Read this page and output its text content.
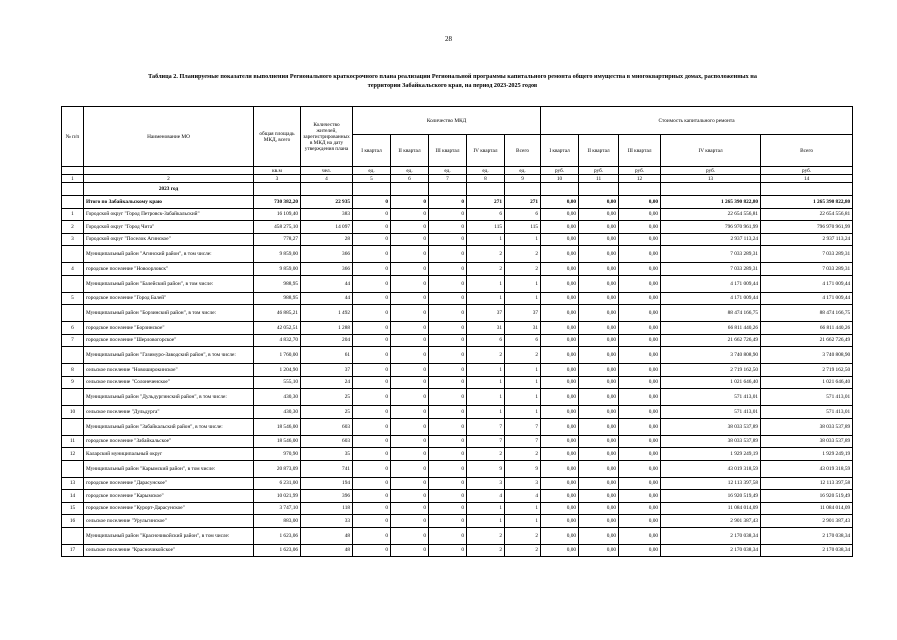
28
Таблица 2. Планируемые показатели выполнения Регионального краткосрочного плана реализации Региональной программы капитального ремонта общего имущества в многоквартирных домах, расположенных на
территории Забайкальского края, на период 2023-2025 годов
№ п/п	Наименование МО	общая площадь МКД, всего	Количество жителей, зарегистрированных в МКД на дату утверждения плана	Количество МКД					Стоимость капитального ремонта				
				I квартал	II квартал	III квартал	IV квартал	Всего	I квартал	II квартал	III квартал	IV квартал	Всего
		кв.м	чел.	ед.	ед.	ед.	ед.	ед.	руб.	руб.	руб.	руб.	руб.
1	2	3	4	5	6	7	8	9	10	11	12	13	14
	2023 год												
	Итого по Забайкальскому краю	730 382,20	22 935	0	0	0	271	271	0,00	0,00	0,00	1 265 390 822,80	1 265 390 822,80
1	Городской округ "Город Петровск-Забайкальский"	16 109,40	383	0	0	0	6	6	0,00	0,00	0,00	22 654 556,81	22 654 556,81
2	Городской округ "Город Чита"	458 275,10	14 097	0	0	0	115	115	0,00	0,00	0,00	796 970 961,99	796 970 961,99
3	Городской округ "Поселок Агинское"	778,27	28	0	0	0	1	1	0,00	0,00	0,00	2 937 113,24	2 937 113,24
	Муниципальный район "Агинский район", в том числе:	9 859,00	366	0	0	0	2	2	0,00	0,00	0,00	7 033 289,31	7 033 289,31
4	городское поселение "Новоорловск"	9 859,00	366	0	0	0	2	2	0,00	0,00	0,00	7 033 289,31	7 033 289,31
	Муниципальный район "Балейский район", в том числе:	988,95	44	0	0	0	1	1	0,00	0,00	0,00	4 171 009,44	4 171 009,44
5	городское поселение "Город Балей"	988,95	44	0	0	0	1	1	0,00	0,00	0,00	4 171 009,44	4 171 009,44
	Муниципальный район "Борзинский район", в том числе:	46 885,21	1 492	0	0	0	37	37	0,00	0,00	0,00	88 474 166,75	88 474 166,75
6	городское поселение "Борзинское"	42 052,51	1 288	0	0	0	31	31	0,00	0,00	0,00	66 811 440,26	66 811 440,26
7	городское поселение "Шерловогорское"	4 832,70	204	0	0	0	6	6	0,00	0,00	0,00	21 662 726,49	21 662 726,49
	Муниципальный район "Газимуро-Заводский район", в том числе:	1 760,00	61	0	0	0	2	2	0,00	0,00	0,00	3 740 808,90	3 740 808,90
8	сельское поселение "Новоширокинское"	1 204,90	37	0	0	0	1	1	0,00	0,00	0,00	2 719 162,50	2 719 162,50
9	сельское поселение "Солонеченское"	555,10	24	0	0	0	1	1	0,00	0,00	0,00	1 021 646,40	1 021 646,40
	Муниципальный район "Дульдургинский район", в том числе:	430,30	25	0	0	0	1	1	0,00	0,00	0,00	571 413,01	571 413,01
10	сельское поселение "Дульдурга"	430,30	25	0	0	0	1	1	0,00	0,00	0,00	571 413,01	571 413,01
	Муниципальный район "Забайкальский район", в том числе:	18 546,00	603	0	0	0	7	7	0,00	0,00	0,00	38 033 537,89	38 033 537,89
11	городское поселение "Забайкальское"	18 546,00	603	0	0	0	7	7	0,00	0,00	0,00	38 033 537,89	38 033 537,89
12	Каларский муниципальный округ	970,90	35	0	0	0	2	2	0,00	0,00	0,00	1 929 249,19	1 929 249,19
	Муниципальный район "Карымский район", в том числе:	20 873,09	741	0	0	0	9	9	0,00	0,00	0,00	43 019 318,59	43 019 318,59
13	городское поселение "Дарасунское"	6 231,00	194	0	0	0	3	3	0,00	0,00	0,00	12 113 397,58	12 113 397,58
14	городское поселение "Карымское"	10 021,99	396	0	0	0	4	4	0,00	0,00	0,00	16 920 519,49	16 920 519,49
15	городское поселение "Курорт-Дарасунское"	3 747,10	118	0	0	0	1	1	0,00	0,00	0,00	11 084 014,09	11 084 014,09
16	сельское поселение "Урульгинское"	883,00	33	0	0	0	1	1	0,00	0,00	0,00	2 901 387,43	2 901 387,43
	Муниципальный район "Красночикойский район", в том числе:	1 623,06	48	0	0	0	2	2	0,00	0,00	0,00	2 170 038,34	2 170 038,34
17	сельское поселение "Красночикойское"	1 623,06	48	0	0	0	2	2	0,00	0,00	0,00	2 170 038,34	2 170 038,34
